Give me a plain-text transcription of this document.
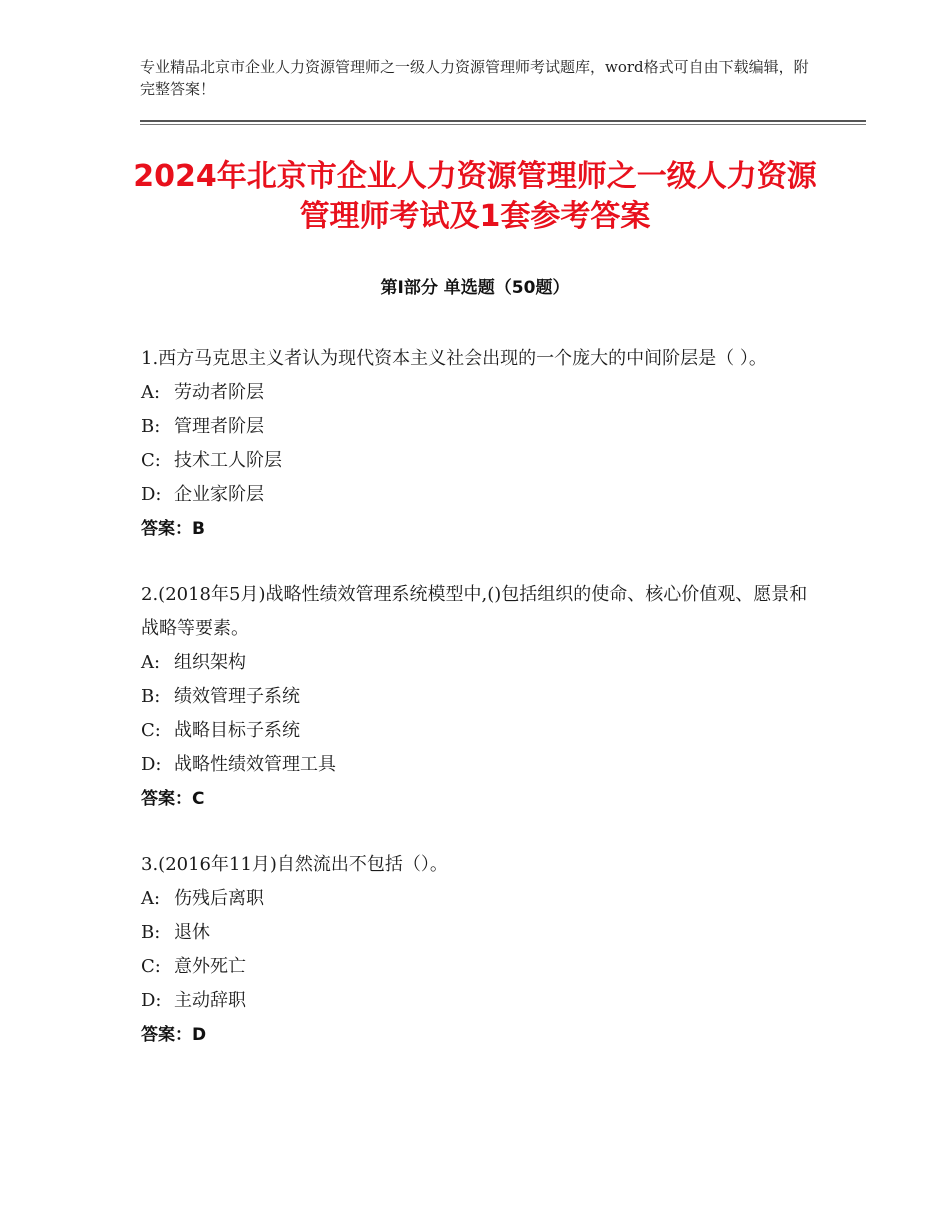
专业精品北京市企业人力资源管理师之一级人力资源管理师考试题库，word格式可自由下载编辑，附完整答案！
2024年北京市企业人力资源管理师之一级人力资源管理师考试及1套参考答案
第I部分 单选题（50题）

1.西方马克思主义者认为现代资本主义社会出现的一个庞大的中间阶层是（ ）。

A: 劳动者阶层

B: 管理者阶层

C: 技术工人阶层

D: 企业家阶层

答案：B

2.(2018年5月)战略性绩效管理系统模型中,()包括组织的使命、核心价值观、愿景和战略等要素。

A: 组织架构

B: 绩效管理子系统

C: 战略目标子系统

D: 战略性绩效管理工具

答案：C

3.(2016年11月)自然流出不包括（）。

A: 伤残后离职

B: 退休

C: 意外死亡

D: 主动辞职

答案：D
